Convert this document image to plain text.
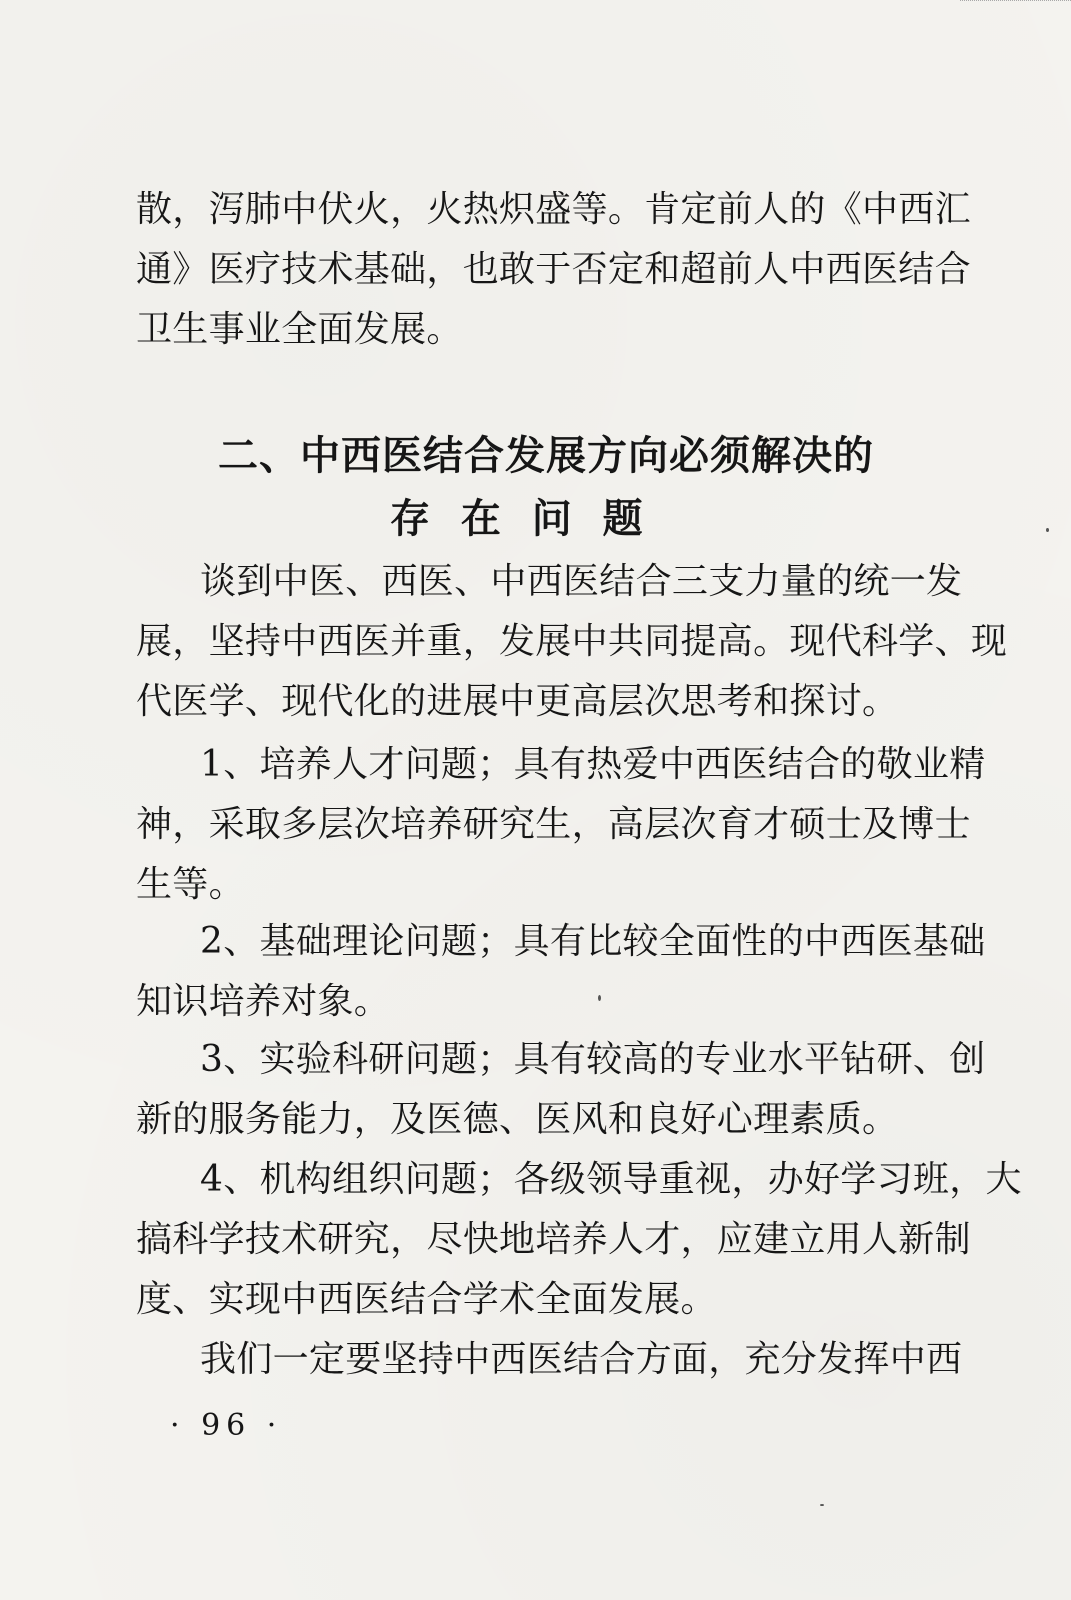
散，泻肺中伏火，火热炽盛等。肯定前人的《中西汇
通》医疗技术基础，也敢于否定和超前人中西医结合
卫生事业全面发展。
二、中西医结合发展方向必须解决的
存  在  问  题
谈到中医、西医、中西医结合三支力量的统一发
展，坚持中西医并重，发展中共同提高。现代科学、现
代医学、现代化的进展中更高层次思考和探讨。
1、培养人才问题；具有热爱中西医结合的敬业精
神，采取多层次培养研究生，高层次育才硕士及博士
生等。
2、基础理论问题；具有比较全面性的中西医基础
知识培养对象。
3、实验科研问题；具有较高的专业水平钻研、创
新的服务能力，及医德、医风和良好心理素质。
4、机构组织问题；各级领导重视，办好学习班，大
搞科学技术研究，尽快地培养人才，应建立用人新制
度、实现中西医结合学术全面发展。
我们一定要坚持中西医结合方面，充分发挥中西
· 96 ·
